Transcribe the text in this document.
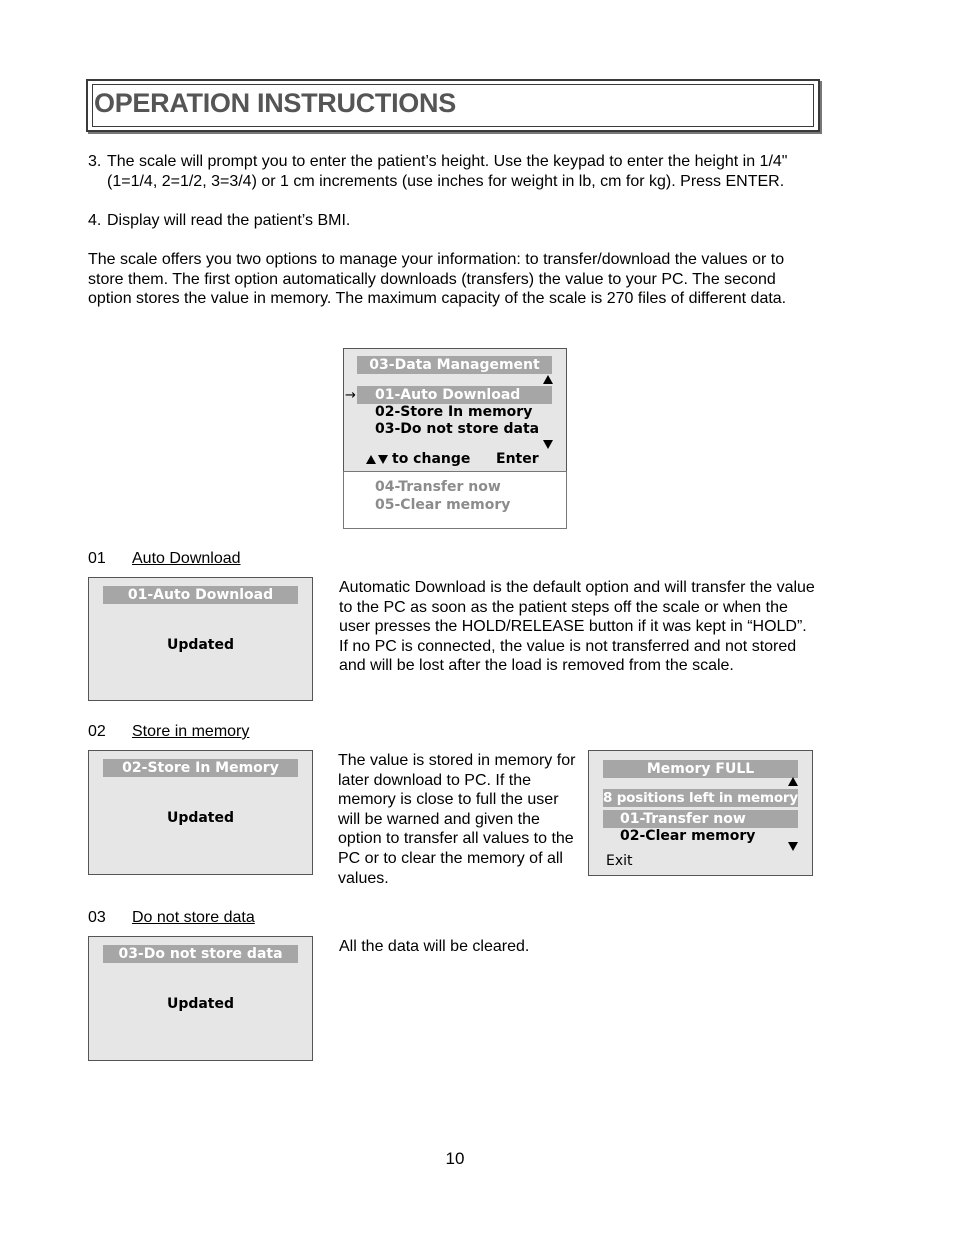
OPERATION INSTRUCTIONS
3. The scale will prompt you to enter the patient’s height. Use the keypad to enter the height in 1/4" (1=1/4, 2=1/2, 3=3/4) or 1 cm increments (use inches for weight in lb, cm for kg). Press ENTER.
4. Display will read the patient’s BMI.

The scale offers you two options to manage your information: to transfer/download the values or to store them. The first option automatically downloads (transfers) the value to your PC. The second option stores the value in memory. The maximum capacity of the scale is 270 files of different data.

03-Data Management
→	01-Auto Download
02-Store In memory
03-Do not store data
to change Enter
04-Transfer now
05-Clear memory
01 Auto Download
01-Auto Download
Updated

Automatic Download is the default option and will transfer the value to the PC as soon as the patient steps off the scale or when the user presses the HOLD/RELEASE button if it was kept in “HOLD”. If no PC is connected, the value is not transferred and not stored and will be lost after the load is removed from the scale.

02 Store in memory
02-Store In Memory
Updated

The value is stored in memory for later download to PC. If the memory is close to full the user will be warned and given the option to transfer all values to the PC or to clear the memory of all values.

Memory FULL
8 positions left in memory
01-Transfer now
02-Clear memory
Exit
03 Do not store data
03-Do not store data
Updated

All the data will be cleared.

10
